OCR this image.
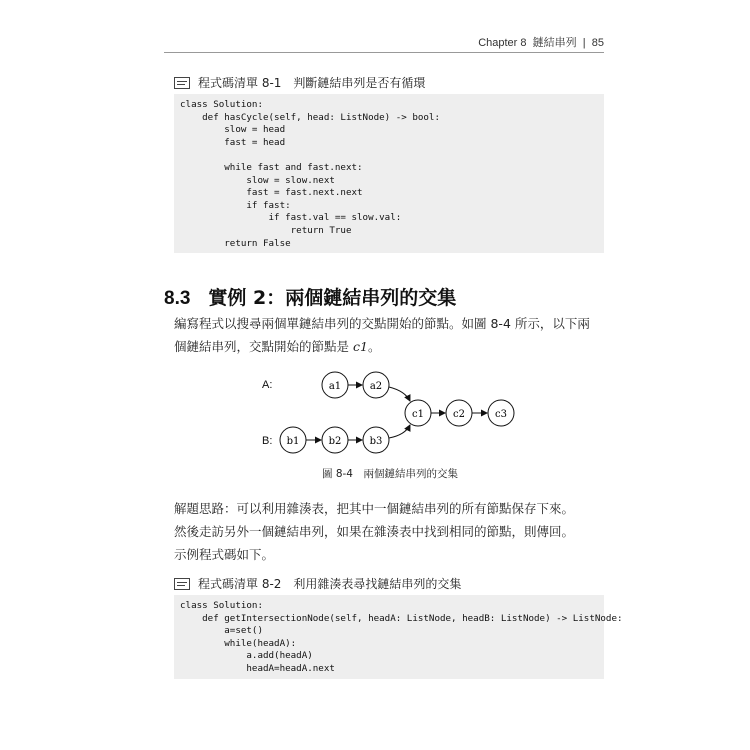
Chapter 8 鏈結串列 | 85
程式碼清單 8-1　判斷鏈結串列是否有循環
class Solution:
def hasCycle(self, head: ListNode) -> bool:
slow = head
fast = head
while fast and fast.next:
slow = slow.next
fast = fast.next.next
if fast:
if fast.val == slow.val:
return True
return False
8.3 實例 2：兩個鏈結串列的交集
編寫程式以搜尋兩個單鏈結串列的交點開始的節點。如圖 8-4 所示，以下兩
個鏈結串列，交點開始的節點是 c1。
A:
B:
a1	a2
b1	b2	b3
c1	c2	c3
圖 8-4　兩個鏈結串列的交集
解題思路：可以利用雜湊表，把其中一個鏈結串列的所有節點保存下來。
然後走訪另外一個鏈結串列，如果在雜湊表中找到相同的節點，則傳回。
示例程式碼如下。
程式碼清單 8-2　利用雜湊表尋找鏈結串列的交集
class Solution:
def getIntersectionNode(self, headA: ListNode, headB: ListNode) -> ListNode:
a=set()
while(headA):
a.add(headA)
headA=headA.next
